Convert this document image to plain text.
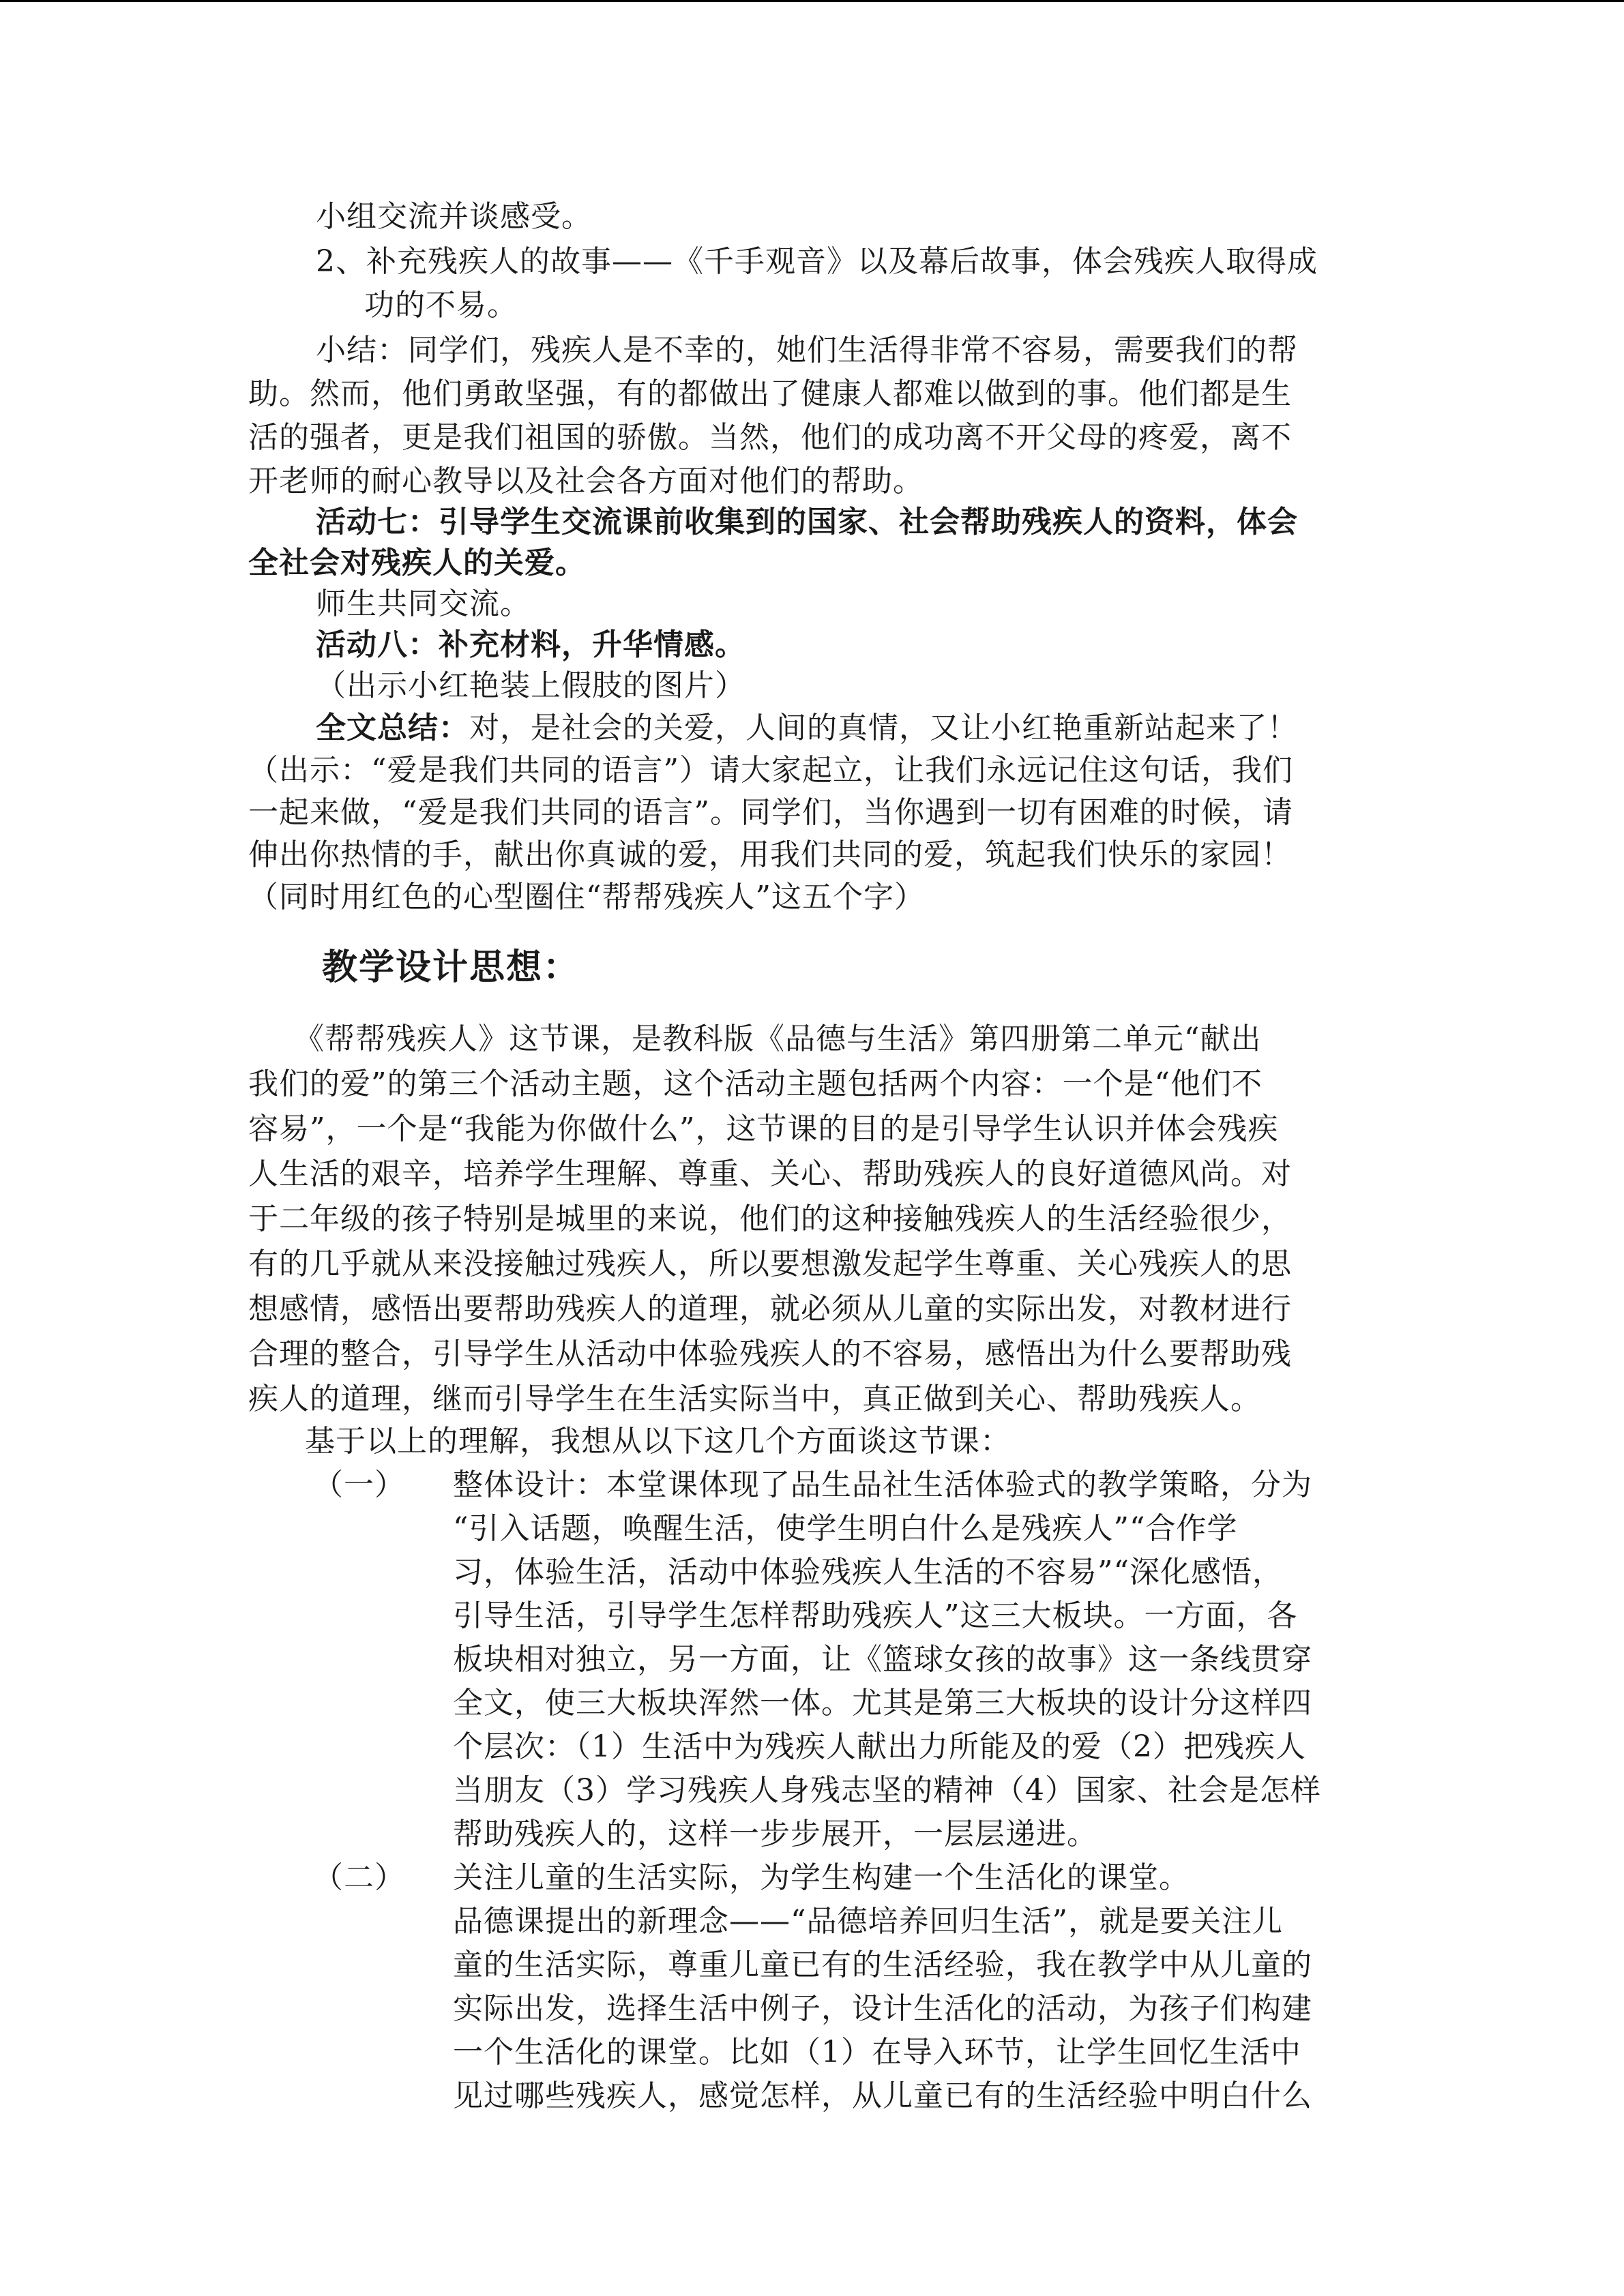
小组交流并谈感受。

2、补充残疾人的故事——《千手观音》以及幕后故事，体会残疾人取得成

功的不易。

小结：同学们，残疾人是不幸的，她们生活得非常不容易，需要我们的帮

助。然而，他们勇敢坚强，有的都做出了健康人都难以做到的事。他们都是生

活的强者，更是我们祖国的骄傲。当然，他们的成功离不开父母的疼爱，离不

开老师的耐心教导以及社会各方面对他们的帮助。

活动七：引导学生交流课前收集到的国家、社会帮助残疾人的资料，体会

全社会对残疾人的关爱。

师生共同交流。

活动八：补充材料，升华情感。

（出示小红艳装上假肢的图片）

全文总结：对，是社会的关爱，人间的真情，又让小红艳重新站起来了！

（出示：“爱是我们共同的语言”）请大家起立，让我们永远记住这句话，我们

一起来做，“爱是我们共同的语言”。同学们，当你遇到一切有困难的时候，请

伸出你热情的手，献出你真诚的爱，用我们共同的爱，筑起我们快乐的家园！

（同时用红色的心型圈住“帮帮残疾人”这五个字）

教学设计思想：

《帮帮残疾人》这节课，是教科版《品德与生活》第四册第二单元“献出

我们的爱”的第三个活动主题，这个活动主题包括两个内容：一个是“他们不

容易”，一个是“我能为你做什么”，这节课的目的是引导学生认识并体会残疾

人生活的艰辛，培养学生理解、尊重、关心、帮助残疾人的良好道德风尚。对

于二年级的孩子特别是城里的来说，他们的这种接触残疾人的生活经验很少，

有的几乎就从来没接触过残疾人，所以要想激发起学生尊重、关心残疾人的思

想感情，感悟出要帮助残疾人的道理，就必须从儿童的实际出发，对教材进行

合理的整合，引导学生从活动中体验残疾人的不容易，感悟出为什么要帮助残

疾人的道理，继而引导学生在生活实际当中，真正做到关心、帮助残疾人。

基于以上的理解，我想从以下这几个方面谈这节课：

（一） 整体设计：本堂课体现了品生品社生活体验式的教学策略，分为

“引入话题，唤醒生活，使学生明白什么是残疾人”“合作学

习，体验生活，活动中体验残疾人生活的不容易”“深化感悟，

引导生活，引导学生怎样帮助残疾人”这三大板块。一方面，各

板块相对独立，另一方面，让《篮球女孩的故事》这一条线贯穿

全文，使三大板块浑然一体。尤其是第三大板块的设计分这样四

个层次：（1）生活中为残疾人献出力所能及的爱（2）把残疾人

当朋友（3）学习残疾人身残志坚的精神（4）国家、社会是怎样

帮助残疾人的，这样一步步展开，一层层递进。

（二） 关注儿童的生活实际，为学生构建一个生活化的课堂。

品德课提出的新理念——“品德培养回归生活”，就是要关注儿

童的生活实际，尊重儿童已有的生活经验，我在教学中从儿童的

实际出发，选择生活中例子，设计生活化的活动，为孩子们构建

一个生活化的课堂。比如（1）在导入环节，让学生回忆生活中

见过哪些残疾人，感觉怎样，从儿童已有的生活经验中明白什么
